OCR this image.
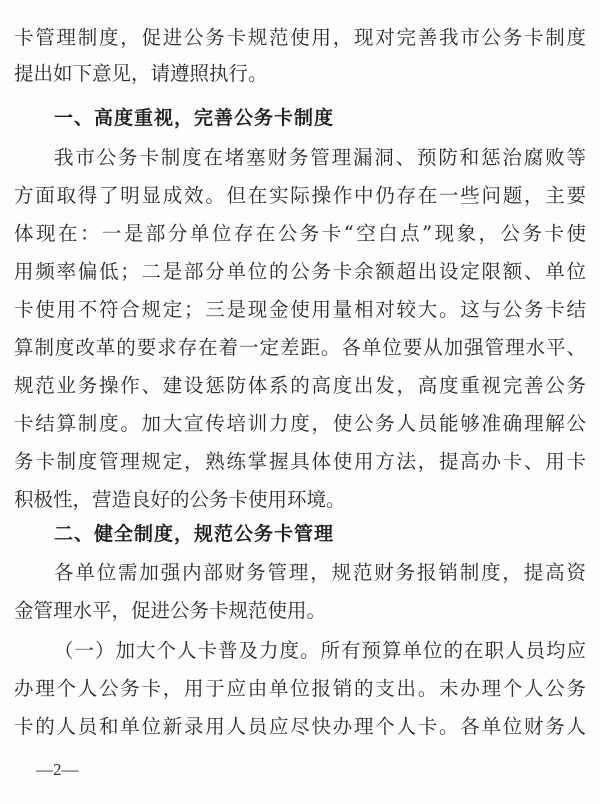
卡管理制度，促进公务卡规范使用，现对完善我市公务卡制度
提出如下意见，请遵照执行。
一、高度重视，完善公务卡制度
我市公务卡制度在堵塞财务管理漏洞、预防和惩治腐败等
方面取得了明显成效。但在实际操作中仍存在一些问题，主要
体现在：一是部分单位存在公务卡“空白点”现象，公务卡使
用频率偏低；二是部分单位的公务卡余额超出设定限额、单位
卡使用不符合规定；三是现金使用量相对较大。这与公务卡结
算制度改革的要求存在着一定差距。各单位要从加强管理水平、
规范业务操作、建设惩防体系的高度出发，高度重视完善公务
卡结算制度。加大宣传培训力度，使公务人员能够准确理解公
务卡制度管理规定，熟练掌握具体使用方法，提高办卡、用卡
积极性，营造良好的公务卡使用环境。
二、健全制度，规范公务卡管理
各单位需加强内部财务管理，规范财务报销制度，提高资
金管理水平，促进公务卡规范使用。
（一）加大个人卡普及力度。所有预算单位的在职人员均应
办理个人公务卡，用于应由单位报销的支出。未办理个人公务
卡的人员和单位新录用人员应尽快办理个人卡。各单位财务人
—2—
